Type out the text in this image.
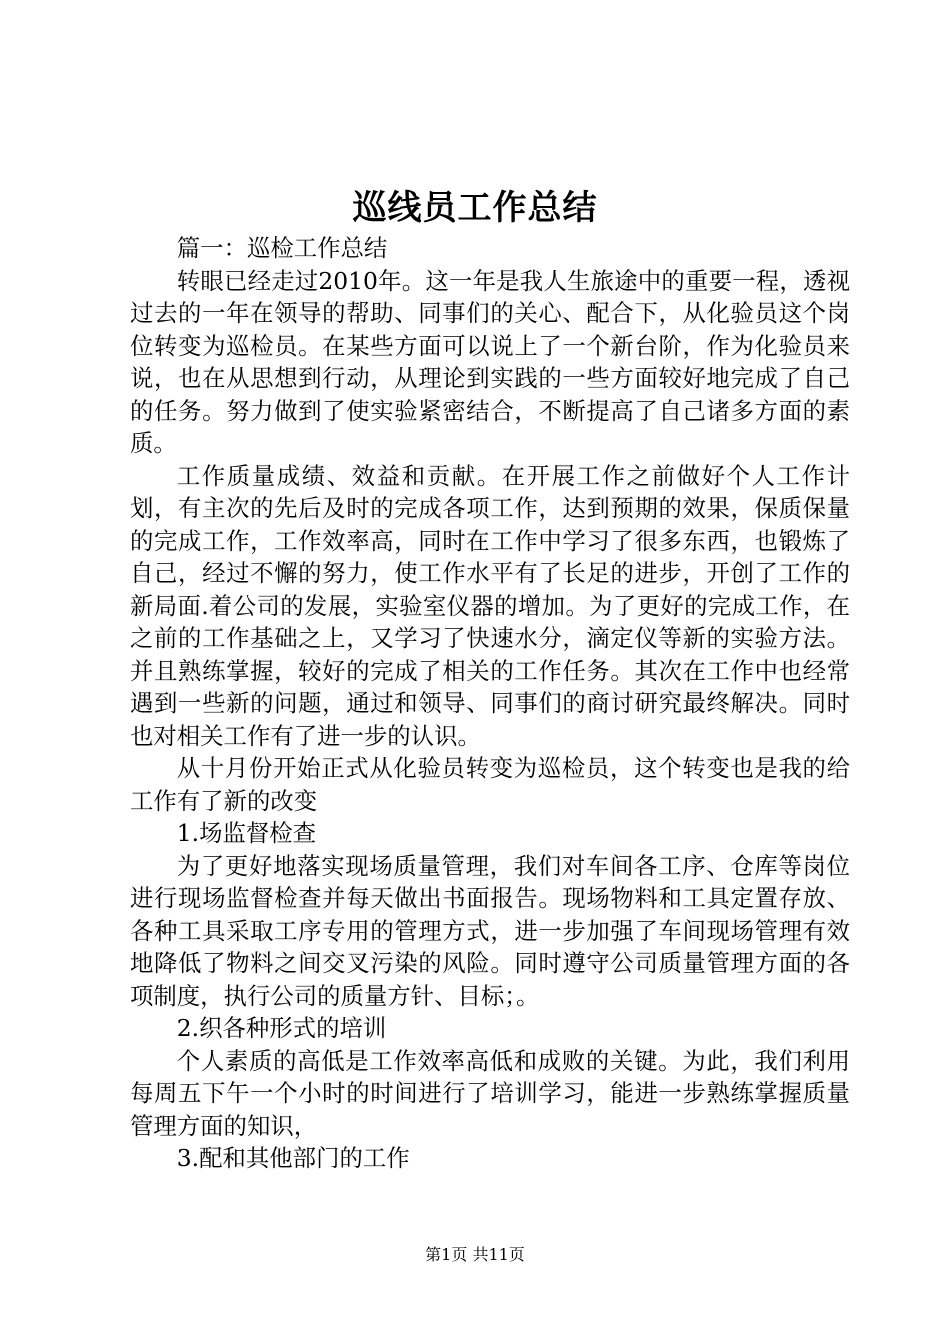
巡线员工作总结

篇一：巡检工作总结

转眼已经走过2010年。这一年是我人生旅途中的重要一程，透视过去的一年在领导的帮助、同事们的关心、配合下，从化验员这个岗位转变为巡检员。在某些方面可以说上了一个新台阶，作为化验员来说，也在从思想到行动，从理论到实践的一些方面较好地完成了自己的任务。努力做到了使实验紧密结合，不断提高了自己诸多方面的素质。

工作质量成绩、效益和贡献。在开展工作之前做好个人工作计划，有主次的先后及时的完成各项工作，达到预期的效果，保质保量的完成工作，工作效率高，同时在工作中学习了很多东西，也锻炼了自己，经过不懈的努力，使工作水平有了长足的进步，开创了工作的新局面.着公司的发展，实验室仪器的增加。为了更好的完成工作，在之前的工作基础之上，又学习了快速水分，滴定仪等新的实验方法。并且熟练掌握，较好的完成了相关的工作任务。其次在工作中也经常遇到一些新的问题，通过和领导、同事们的商讨研究最终解决。同时也对相关工作有了进一步的认识。

从十月份开始正式从化验员转变为巡检员，这个转变也是我的给工作有了新的改变

1.场监督检查

为了更好地落实现场质量管理，我们对车间各工序、仓库等岗位进行现场监督检查并每天做出书面报告。现场物料和工具定置存放、各种工具采取工序专用的管理方式，进一步加强了车间现场管理有效地降低了物料之间交叉污染的风险。同时遵守公司质量管理方面的各项制度，执行公司的质量方针、目标；。

2.织各种形式的培训

个人素质的高低是工作效率高低和成败的关键。为此，我们利用每周五下午一个小时的时间进行了培训学习，能进一步熟练掌握质量管理方面的知识，

3.配和其他部门的工作

第1页 共11页
